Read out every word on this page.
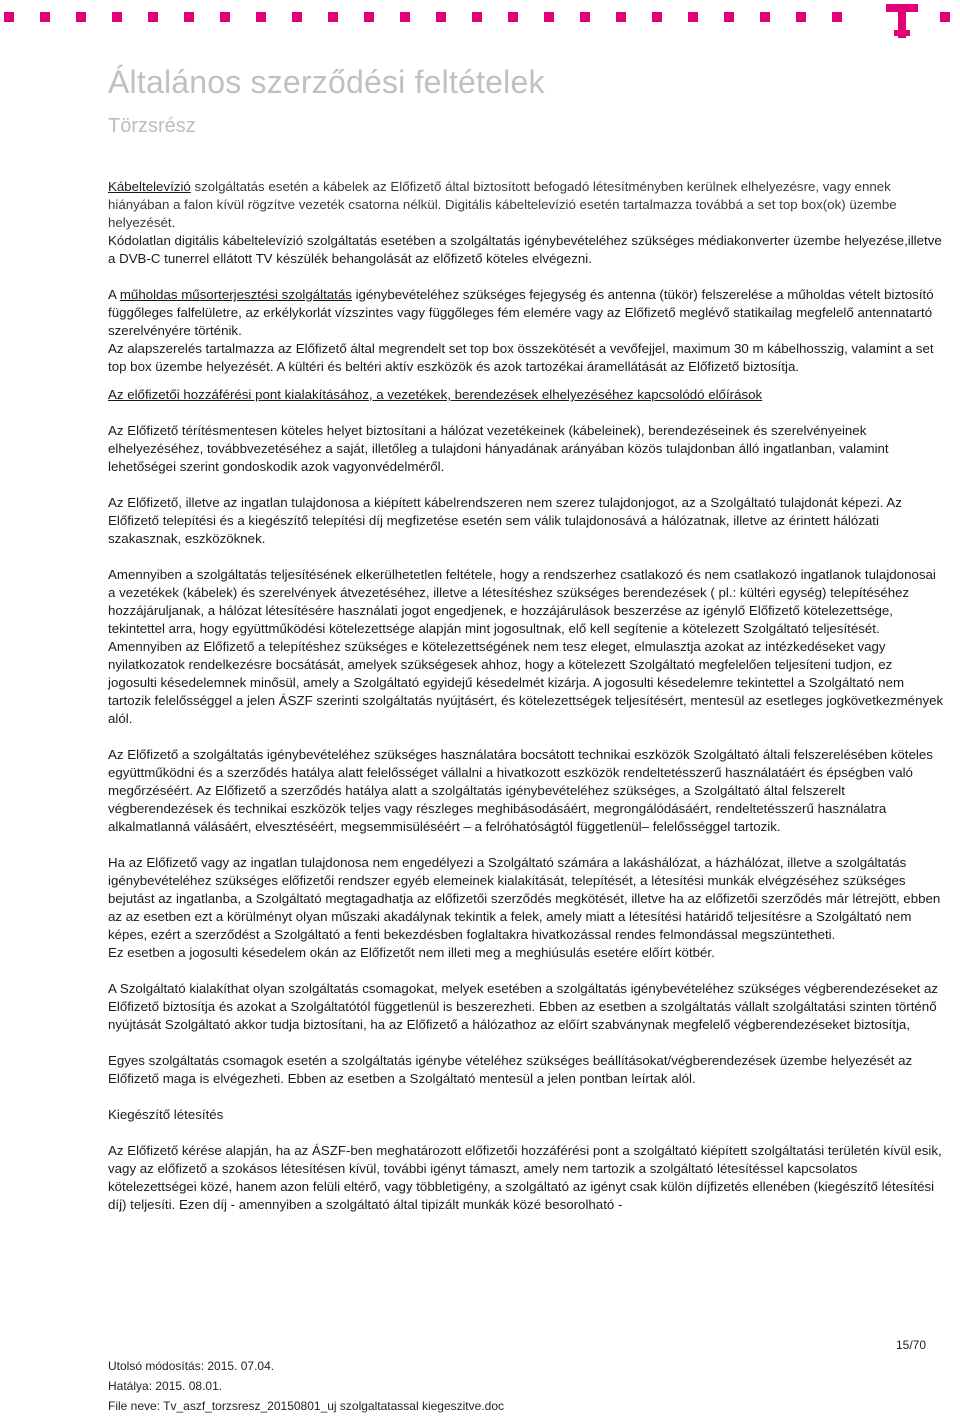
Általános szerződési feltételek
Törzsrész

Kábeltelevízió szolgáltatás esetén a kábelek az Előfizető által biztosított befogadó létesítményben kerülnek elhelyezésre, vagy ennek hiányában a falon kívül rögzítve vezeték csatorna nélkül. Digitális kábeltelevízió esetén tartalmazza továbbá a set top box(ok) üzembe helyezését.

Kódolatlan digitális kábeltelevízió szolgáltatás esetében a szolgáltatás igénybevételéhez szükséges médiakonverter üzembe helyezése,illetve a DVB-C tunerrel ellátott TV készülék behangolását az előfizető köteles elvégezni.

A műholdas műsorterjesztési szolgáltatás igénybevételéhez szükséges fejegység és antenna (tükör) felszerelése a műholdas vételt biztosító függőleges falfelületre, az erkélykorlát vízszintes vagy függőleges fém elemére vagy az Előfizető meglévő statikailag megfelelő antennatartó szerelvényére történik.

Az alapszerelés tartalmazza az Előfizető által megrendelt set top box összekötését a vevőfejjel, maximum 30 m kábelhosszig, valamint a set top box üzembe helyezését. A kültéri és beltéri aktív eszközök és azok tartozékai áramellátását az Előfizető biztosítja.

Az előfizetői hozzáférési pont kialakításához, a vezetékek, berendezések elhelyezéséhez kapcsolódó előírások

Az Előfizető térítésmentesen köteles helyet biztosítani a hálózat vezetékeinek (kábeleinek), berendezéseinek és szerelvényeinek elhelyezéséhez, továbbvezetéséhez a saját, illetőleg a tulajdoni hányadának arányában közös tulajdonban álló ingatlanban, valamint lehetőségei szerint gondoskodik azok vagyonvédelméről.

Az Előfizető, illetve az ingatlan tulajdonosa a kiépített kábelrendszeren nem szerez tulajdonjogot, az a Szolgáltató tulajdonát képezi. Az Előfizető telepítési és a kiegészítő telepítési díj megfizetése esetén sem válik tulajdonosává a hálózatnak, illetve az érintett hálózati szakasznak, eszközöknek.

Amennyiben a szolgáltatás teljesítésének elkerülhetetlen feltétele, hogy a rendszerhez csatlakozó és nem csatlakozó ingatlanok tulajdonosai a vezetékek (kábelek) és szerelvények átvezetéséhez, illetve a létesítéshez szükséges berendezések ( pl.: kültéri egység) telepítéséhez hozzájáruljanak, a hálózat létesítésére használati jogot engedjenek, e hozzájárulások beszerzése az igénylő Előfizető kötelezettsége, tekintettel arra, hogy együttműködési kötelezettsége alapján mint jogosultnak, elő kell segítenie a kötelezett Szolgáltató teljesítését. Amennyiben az Előfizető a telepítéshez szükséges e kötelezettségének nem tesz eleget, elmulasztja azokat az intézkedéseket vagy nyilatkozatok rendelkezésre bocsátását, amelyek szükségesek ahhoz, hogy a kötelezett Szolgáltató megfelelően teljesíteni tudjon, ez jogosulti késedelemnek minősül, amely a Szolgáltató egyidejű késedelmét kizárja. A jogosulti késedelemre tekintettel a Szolgáltató nem tartozik felelősséggel a jelen ÁSZF szerinti szolgáltatás nyújtásért, és kötelezettségek teljesítésért, mentesül az esetleges jogkövetkezmények alól.

Az Előfizető a szolgáltatás igénybevételéhez szükséges használatára bocsátott technikai eszközök Szolgáltató általi felszerelésében köteles együttműködni és a szerződés hatálya alatt felelősséget vállalni a hivatkozott eszközök rendeltetésszerű használatáért és épségben való megőrzéséért. Az Előfizető a szerződés hatálya alatt a szolgáltatás igénybevételéhez szükséges, a Szolgáltató által felszerelt végberendezések és technikai eszközök teljes vagy részleges meghibásodásáért, megrongálódásáért, rendeltetésszerű használatra alkalmatlanná válásáért, elvesztéséért, megsemmisüléséért – a felróhatóságtól függetlenül– felelősséggel tartozik.

Ha az Előfizető vagy az ingatlan tulajdonosa nem engedélyezi a Szolgáltató számára a lakáshálózat, a házhálózat, illetve a szolgáltatás igénybevételéhez szükséges előfizetői rendszer egyéb elemeinek kialakítását, telepítését, a létesítési munkák elvégzéséhez szükséges bejutást az ingatlanba, a Szolgáltató megtagadhatja az előfizetői szerződés megkötését, illetve ha az előfizetői szerződés már létrejött, ebben az az esetben ezt a körülményt olyan műszaki akadálynak tekintik a felek, amely miatt a létesítési határidő teljesítésre a Szolgáltató nem képes, ezért a szerződést a Szolgáltató a fenti bekezdésben foglaltakra hivatkozással rendes felmondással megszüntetheti.

Ez esetben a jogosulti késedelem okán az Előfizetőt nem illeti meg a meghiúsulás esetére előírt kötbér.

A Szolgáltató kialakíthat olyan szolgáltatás csomagokat, melyek esetében a szolgáltatás igénybevételéhez szükséges végberendezéseket az Előfizető biztosítja és azokat a Szolgáltatótól függetlenül is beszerezheti. Ebben az esetben a szolgáltatás vállalt szolgáltatási szinten történő nyújtását Szolgáltató akkor tudja biztosítani, ha az Előfizető a hálózathoz az előírt szabványnak megfelelő végberendezéseket biztosítja,

Egyes szolgáltatás csomagok esetén a szolgáltatás igénybe vételéhez szükséges beállításokat/végberendezések üzembe helyezését az Előfizető maga is elvégezheti. Ebben az esetben a Szolgáltató mentesül a jelen pontban leírtak alól.

Kiegészítő létesítés

Az Előfizető kérése alapján, ha az ÁSZF-ben meghatározott előfizetői hozzáférési pont a szolgáltató kiépített szolgáltatási területén kívül esik, vagy az előfizető a szokásos létesítésen kívül, további igényt támaszt, amely nem tartozik a szolgáltató létesítéssel kapcsolatos kötelezettségei közé, hanem azon felüli eltérő, vagy többletigény, a szolgáltató az igényt csak külön díjfizetés ellenében (kiegészítő létesítési díj) teljesíti. Ezen díj - amennyiben a szolgáltató által tipizált munkák közé besorolható -

15/70
Utolsó módosítás: 2015. 07.04.
Hatálya: 2015. 08.01.
File neve: Tv_aszf_torzsresz_20150801_uj szolgaltatassal kiegeszitve.doc
